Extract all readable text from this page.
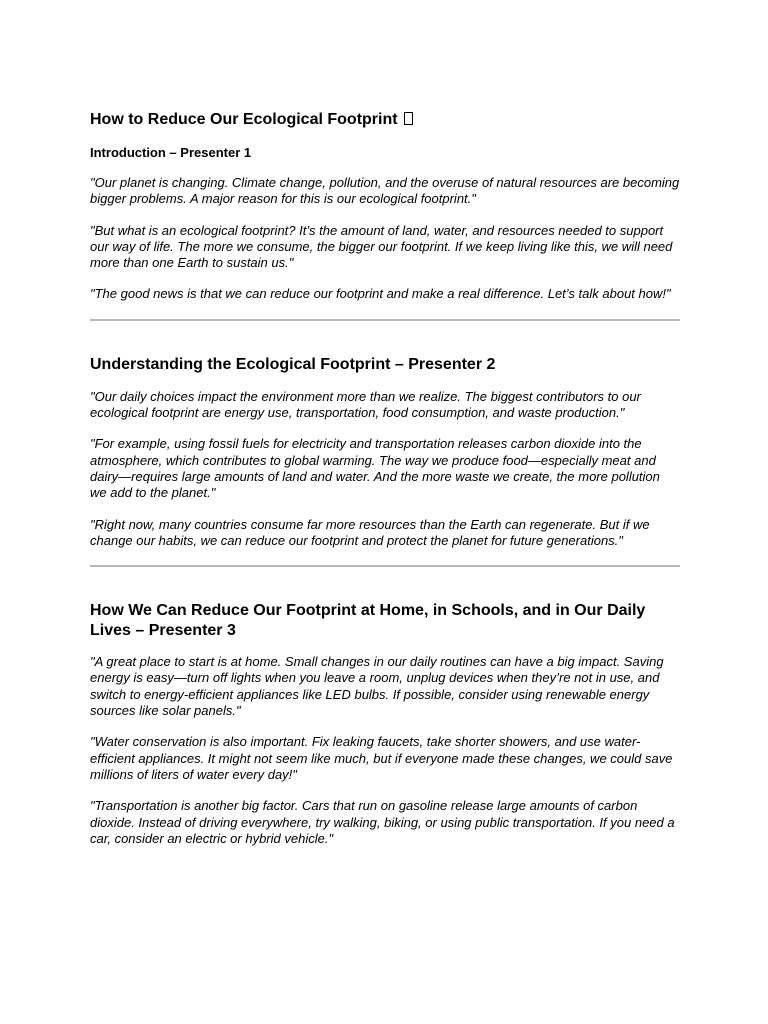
How to Reduce Our Ecological Footprint
Introduction – Presenter 1

"Our planet is changing. Climate change, pollution, and the overuse of natural resources are becoming bigger problems. A major reason for this is our ecological footprint."

"But what is an ecological footprint? It’s the amount of land, water, and resources needed to support our way of life. The more we consume, the bigger our footprint. If we keep living like this, we will need more than one Earth to sustain us."

"The good news is that we can reduce our footprint and make a real difference. Let’s talk about how!"

Understanding the Ecological Footprint – Presenter 2

"Our daily choices impact the environment more than we realize. The biggest contributors to our ecological footprint are energy use, transportation, food consumption, and waste production."

"For example, using fossil fuels for electricity and transportation releases carbon dioxide into the atmosphere, which contributes to global warming. The way we produce food—especially meat and dairy—requires large amounts of land and water. And the more waste we create, the more pollution we add to the planet."

"Right now, many countries consume far more resources than the Earth can regenerate. But if we change our habits, we can reduce our footprint and protect the planet for future generations."

How We Can Reduce Our Footprint at Home, in Schools, and in Our Daily Lives – Presenter 3

"A great place to start is at home. Small changes in our daily routines can have a big impact. Saving energy is easy—turn off lights when you leave a room, unplug devices when they’re not in use, and switch to energy-efficient appliances like LED bulbs. If possible, consider using renewable energy sources like solar panels."

"Water conservation is also important. Fix leaking faucets, take shorter showers, and use water-efficient appliances. It might not seem like much, but if everyone made these changes, we could save millions of liters of water every day!"

"Transportation is another big factor. Cars that run on gasoline release large amounts of carbon dioxide. Instead of driving everywhere, try walking, biking, or using public transportation. If you need a car, consider an electric or hybrid vehicle."
